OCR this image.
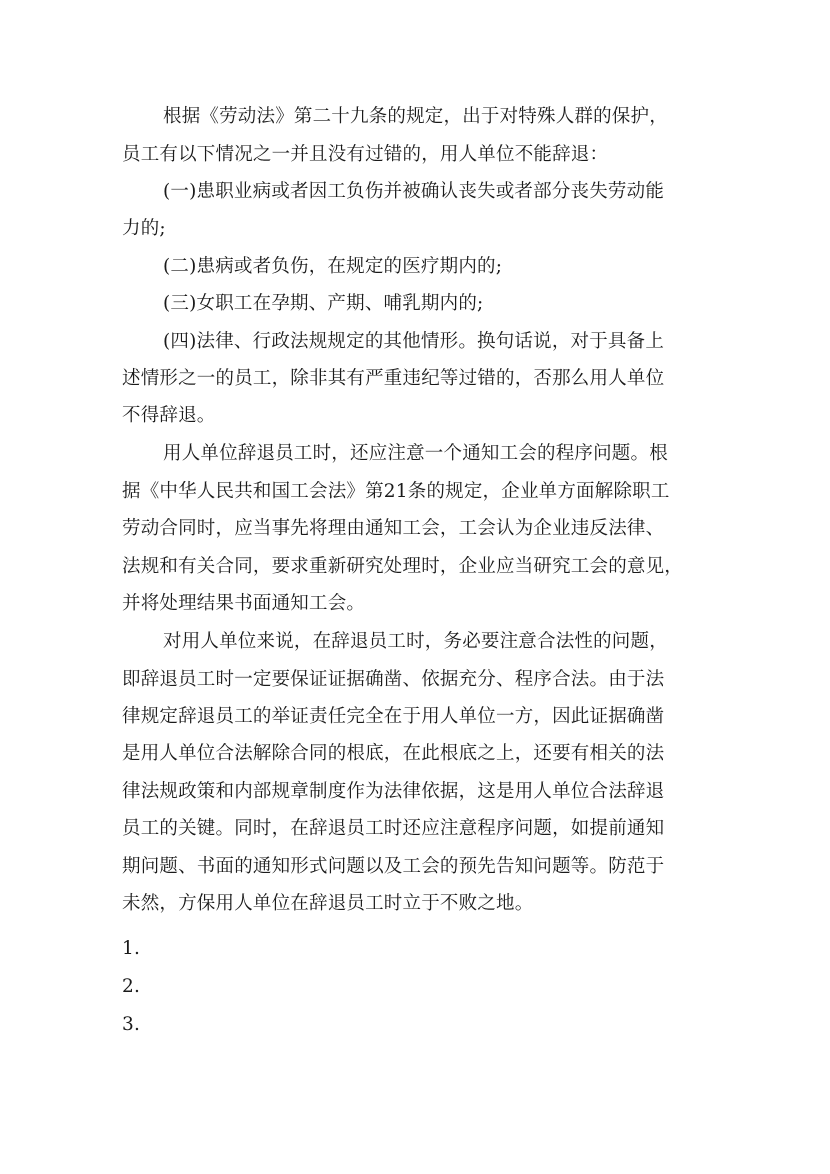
根据《劳动法》第二十九条的规定，出于对特殊人群的保护，
员工有以下情况之一并且没有过错的，用人单位不能辞退：
(一)患职业病或者因工负伤并被确认丧失或者部分丧失劳动能
力的;
(二)患病或者负伤，在规定的医疗期内的;
(三)女职工在孕期、产期、哺乳期内的;
(四)法律、行政法规规定的其他情形。换句话说，对于具备上
述情形之一的员工，除非其有严重违纪等过错的，否那么用人单位
不得辞退。
用人单位辞退员工时，还应注意一个通知工会的程序问题。根
据《中华人民共和国工会法》第21条的规定，企业单方面解除职工
劳动合同时，应当事先将理由通知工会，工会认为企业违反法律、
法规和有关合同，要求重新研究处理时，企业应当研究工会的意见，
并将处理结果书面通知工会。
对用人单位来说，在辞退员工时，务必要注意合法性的问题，
即辞退员工时一定要保证证据确凿、依据充分、程序合法。由于法
律规定辞退员工的举证责任完全在于用人单位一方，因此证据确凿
是用人单位合法解除合同的根底，在此根底之上，还要有相关的法
律法规政策和内部规章制度作为法律依据，这是用人单位合法辞退
员工的关键。同时，在辞退员工时还应注意程序问题，如提前通知
期问题、书面的通知形式问题以及工会的预先告知问题等。防范于
未然，方保用人单位在辞退员工时立于不败之地。
1.
2.
3.
